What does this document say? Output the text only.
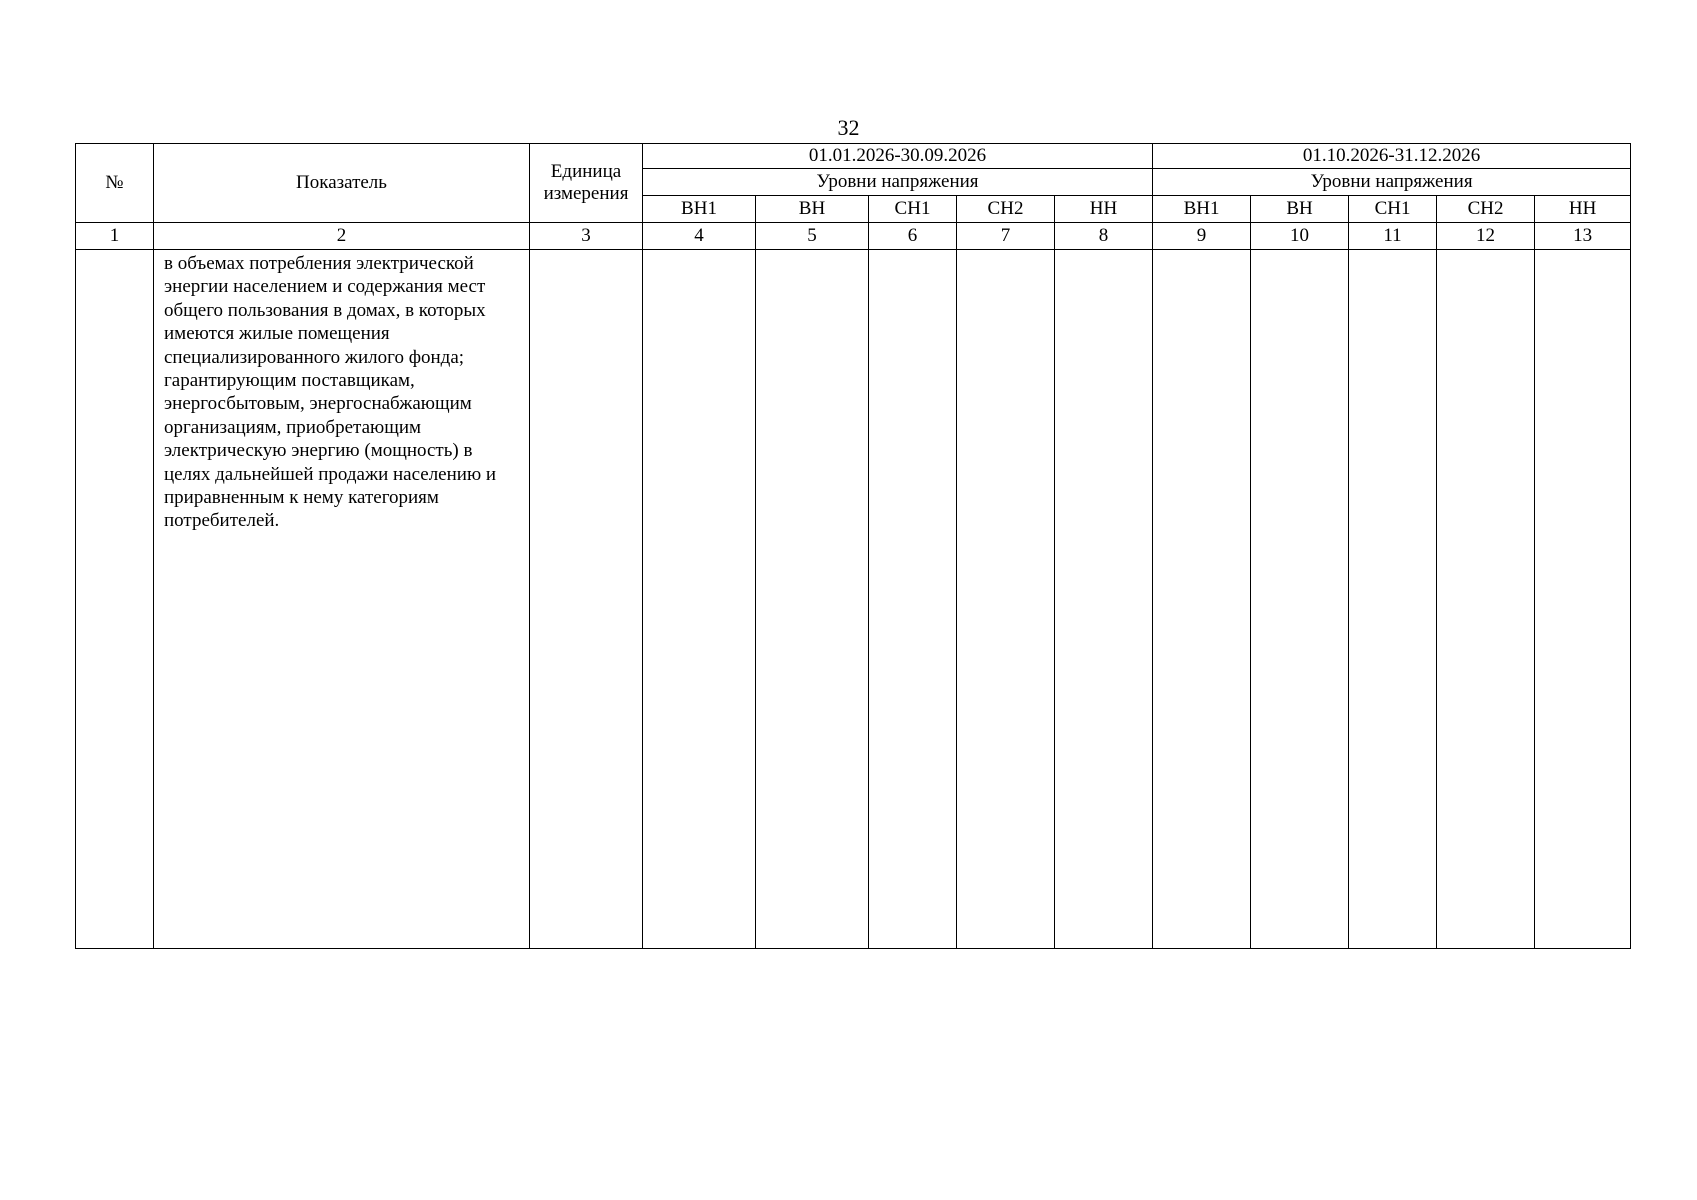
32
№	Показатель	Единица измерения	01.01.2026-30.09.2026					01.10.2026-31.12.2026				
			Уровни напряжения					Уровни напряжения				
			ВН1	ВН	СН1	СН2	НН	ВН1	ВН	СН1	СН2	НН
1	2	3	4	5	6	7	8	9	10	11	12	13
	в объемах потребления электрической энергии населением и содержания мест общего пользования в домах, в которых имеются жилые помещения специализированного жилого фонда; гарантирующим поставщикам, энергосбытовым, энергоснабжающим организациям, приобретающим электрическую энергию (мощность) в целях дальнейшей продажи населению и приравненным к нему категориям потребителей.											
